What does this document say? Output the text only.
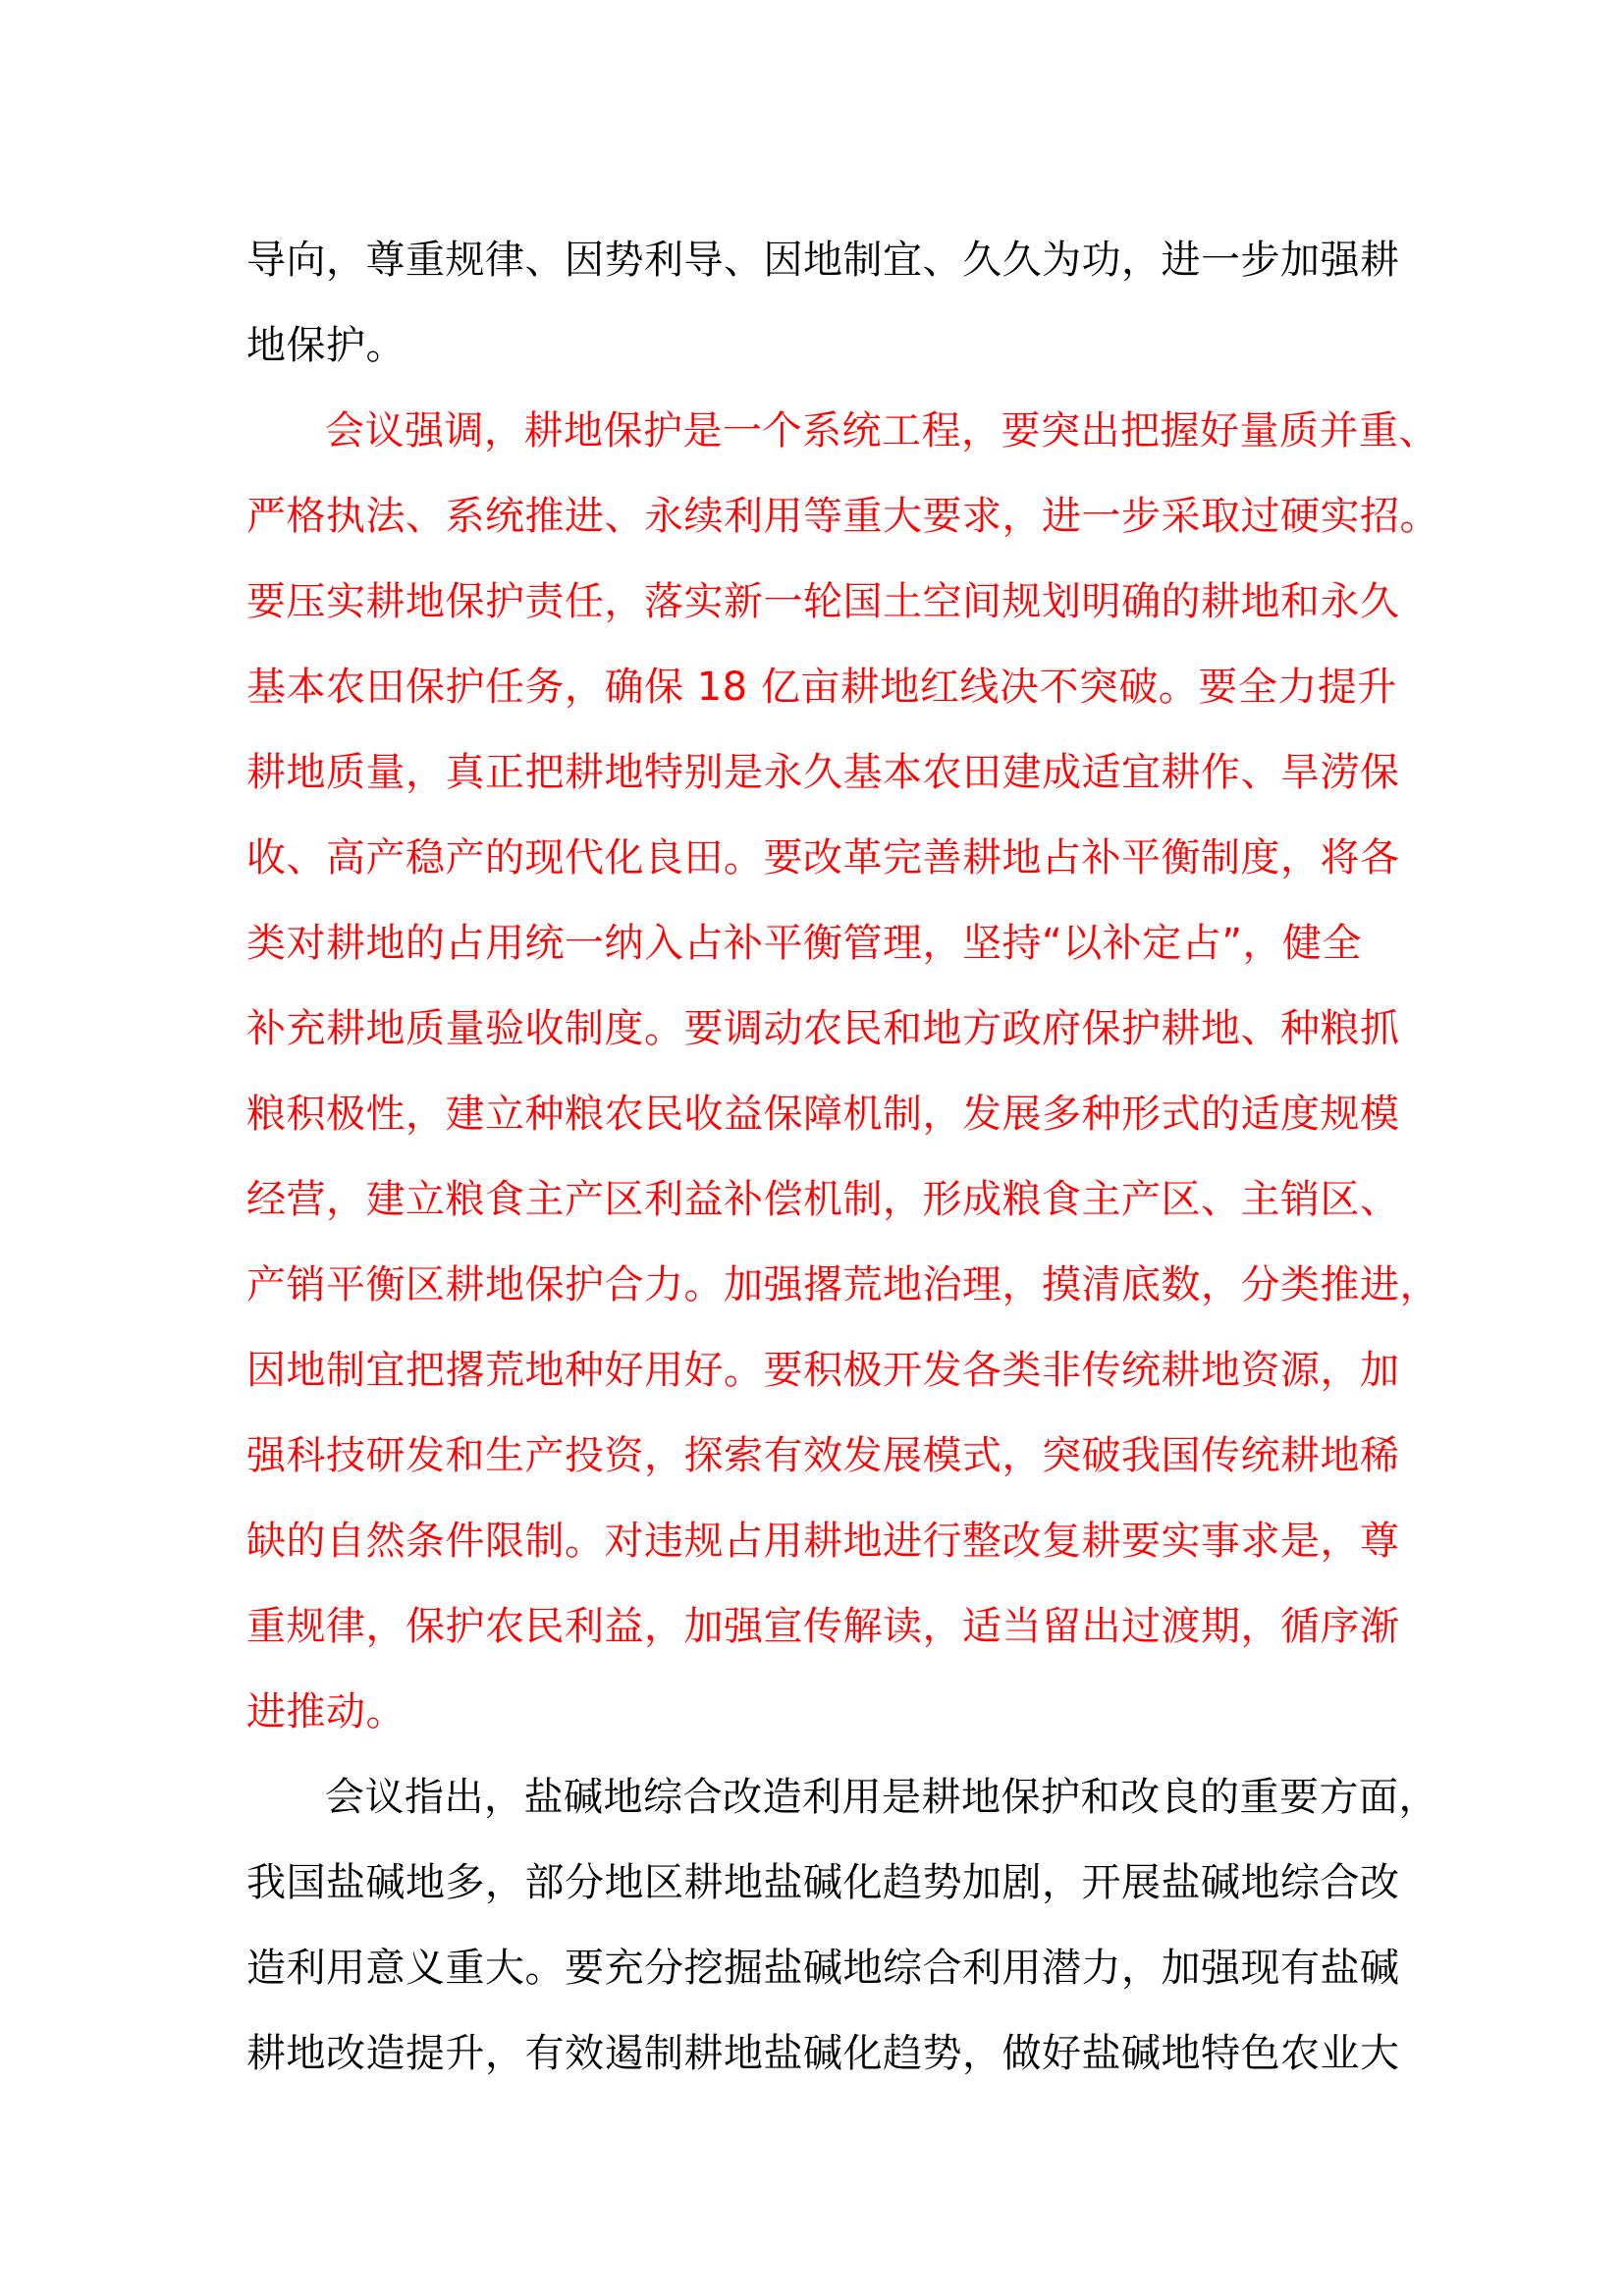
导向，尊重规律、因势利导、因地制宜、久久为功，进一步加强耕
地保护。
会议强调，耕地保护是一个系统工程，要突出把握好量质并重、
严格执法、系统推进、永续利用等重大要求，进一步采取过硬实招。
要压实耕地保护责任，落实新一轮国土空间规划明确的耕地和永久
基本农田保护任务，确保 18 亿亩耕地红线决不突破。要全力提升
耕地质量，真正把耕地特别是永久基本农田建成适宜耕作、旱涝保
收、高产稳产的现代化良田。要改革完善耕地占补平衡制度，将各
类对耕地的占用统一纳入占补平衡管理，坚持“以补定占”，健全
补充耕地质量验收制度。要调动农民和地方政府保护耕地、种粮抓
粮积极性，建立种粮农民收益保障机制，发展多种形式的适度规模
经营，建立粮食主产区利益补偿机制，形成粮食主产区、主销区、
产销平衡区耕地保护合力。加强撂荒地治理，摸清底数，分类推进，
因地制宜把撂荒地种好用好。要积极开发各类非传统耕地资源，加
强科技研发和生产投资，探索有效发展模式，突破我国传统耕地稀
缺的自然条件限制。对违规占用耕地进行整改复耕要实事求是，尊
重规律，保护农民利益，加强宣传解读，适当留出过渡期，循序渐
进推动。
会议指出，盐碱地综合改造利用是耕地保护和改良的重要方面，
我国盐碱地多，部分地区耕地盐碱化趋势加剧，开展盐碱地综合改
造利用意义重大。要充分挖掘盐碱地综合利用潜力，加强现有盐碱
耕地改造提升，有效遏制耕地盐碱化趋势，做好盐碱地特色农业大
